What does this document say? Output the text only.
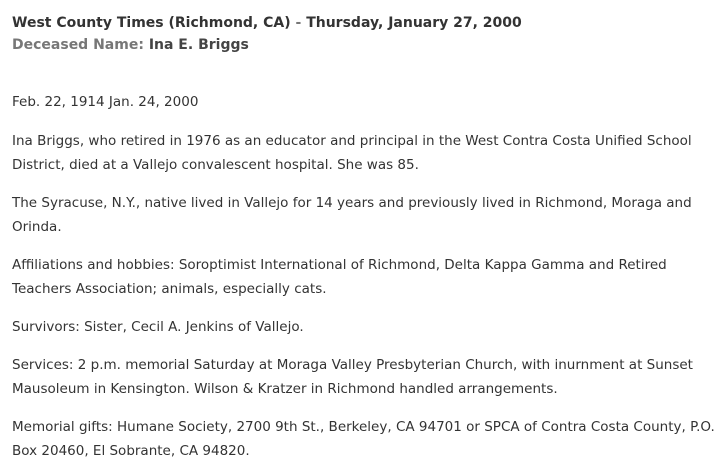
West County Times (Richmond, CA) - Thursday, January 27, 2000

Deceased Name: Ina E. Briggs

Feb. 22, 1914 Jan. 24, 2000

Ina Briggs, who retired in 1976 as an educator and principal in the West Contra Costa Unified School District, died at a Vallejo convalescent hospital. She was 85.

The Syracuse, N.Y., native lived in Vallejo for 14 years and previously lived in Richmond, Moraga and Orinda.

Affiliations and hobbies: Soroptimist International of Richmond, Delta Kappa Gamma and Retired Teachers Association; animals, especially cats.

Survivors: Sister, Cecil A. Jenkins of Vallejo.

Services: 2 p.m. memorial Saturday at Moraga Valley Presbyterian Church, with inurnment at Sunset Mausoleum in Kensington. Wilson & Kratzer in Richmond handled arrangements.

Memorial gifts: Humane Society, 2700 9th St., Berkeley, CA 94701 or SPCA of Contra Costa County, P.O. Box 20460, El Sobrante, CA 94820.
